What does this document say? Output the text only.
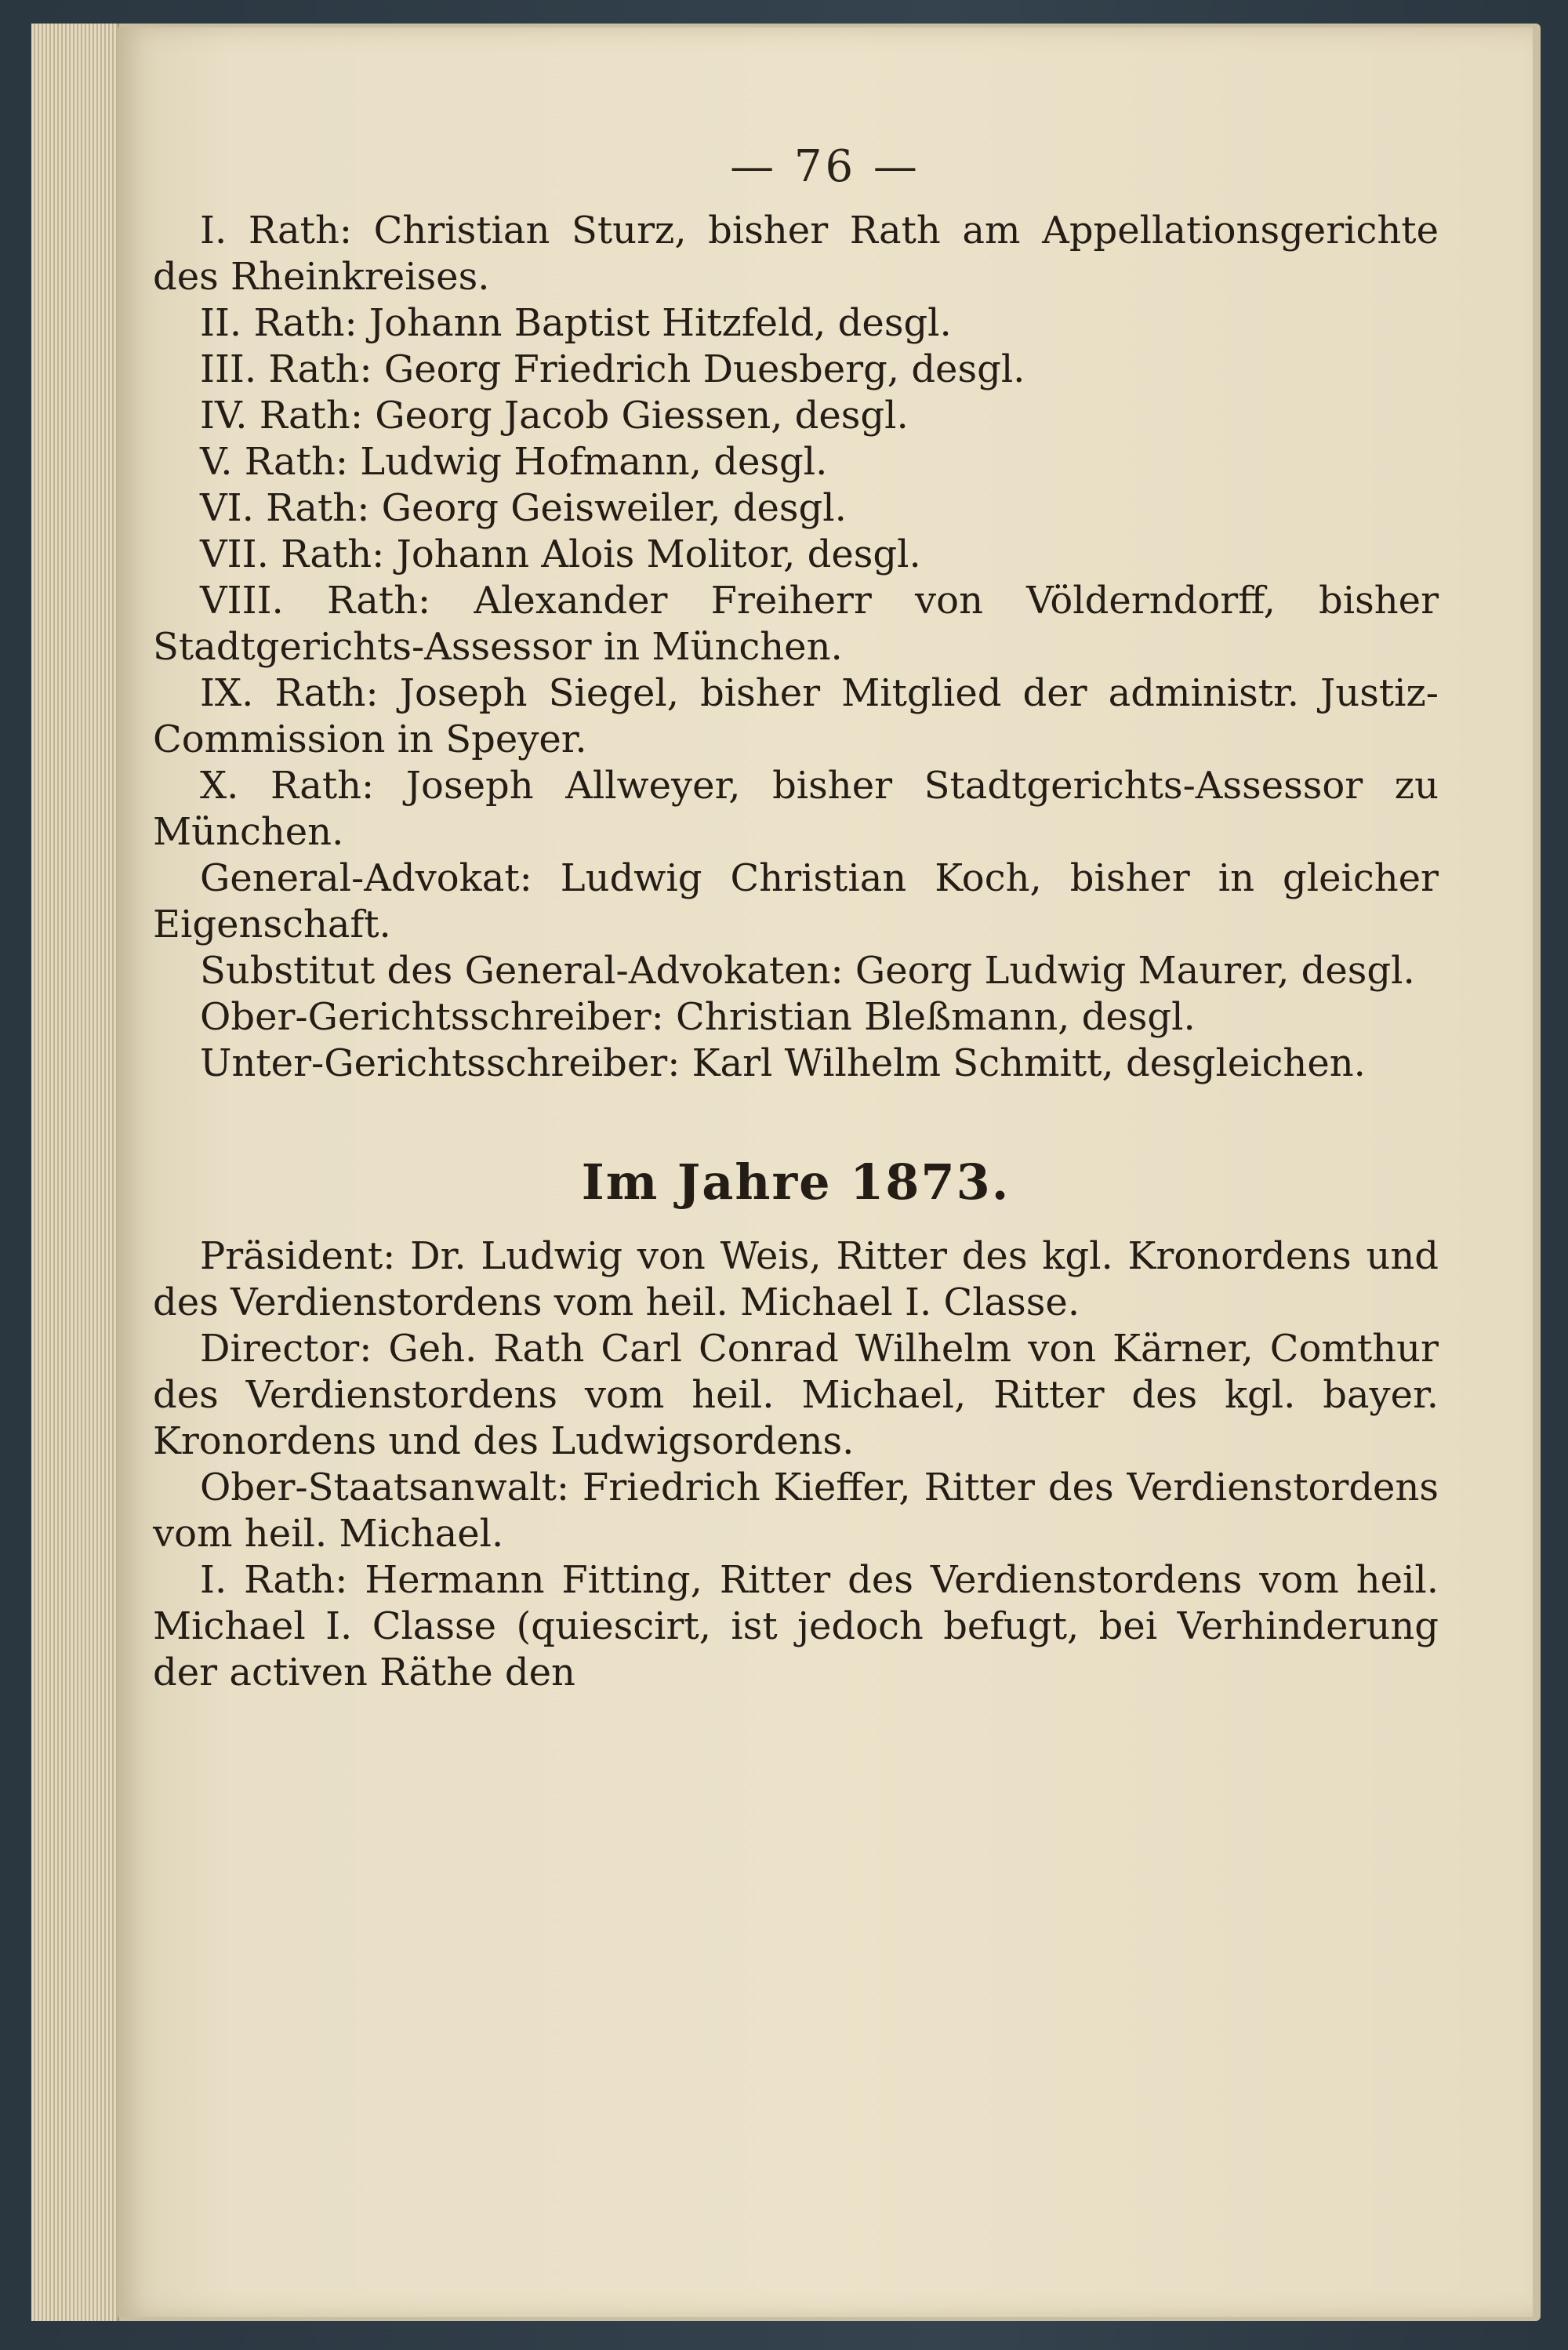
— 76 —

I. Rath: Christian Sturz, bisher Rath am Appellationsgerichte des Rheinkreises.

II. Rath: Johann Baptist Hitzfeld, desgl.

III. Rath: Georg Friedrich Duesberg, desgl.

IV. Rath: Georg Jacob Giessen, desgl.

V. Rath: Ludwig Hofmann, desgl.

VI. Rath: Georg Geisweiler, desgl.

VII. Rath: Johann Alois Molitor, desgl.

VIII. Rath: Alexander Freiherr von Völderndorff, bisher Stadtgerichts-Assessor in München.

IX. Rath: Joseph Siegel, bisher Mitglied der administr. Justiz-Commission in Speyer.

X. Rath: Joseph Allweyer, bisher Stadtgerichts-Assessor zu München.

General-Advokat: Ludwig Christian Koch, bisher in gleicher Eigenschaft.

Substitut des General-Advokaten: Georg Ludwig Maurer, desgl.

Ober-Gerichtsschreiber: Christian Bleßmann, desgl.

Unter-Gerichtsschreiber: Karl Wilhelm Schmitt, desgleichen.

Im Jahre 1873.

Präsident: Dr. Ludwig von Weis, Ritter des kgl. Kronordens und des Verdienstordens vom heil. Michael I. Classe.

Director: Geh. Rath Carl Conrad Wilhelm von Kärner, Comthur des Verdienstordens vom heil. Michael, Ritter des kgl. bayer. Kronordens und des Ludwigsordens.

Ober-Staatsanwalt: Friedrich Kieffer, Ritter des Verdienstordens vom heil. Michael.

I. Rath: Hermann Fitting, Ritter des Verdienstordens vom heil. Michael I. Classe (quiescirt, ist jedoch befugt, bei Verhinderung der activen Räthe den
